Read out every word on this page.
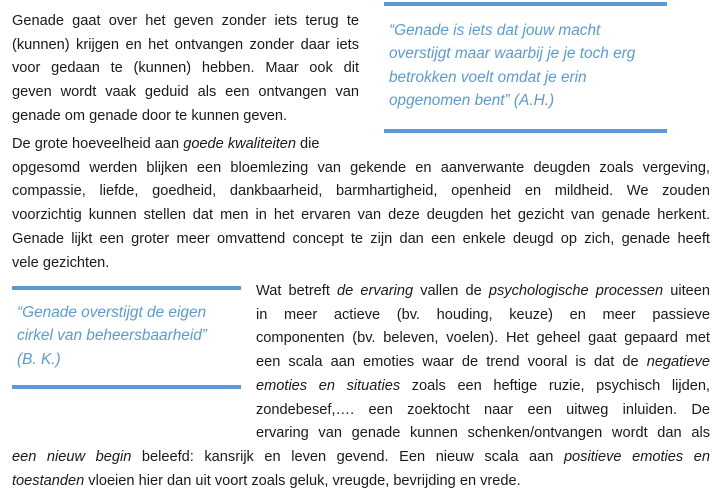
Genade gaat over het geven zonder iets terug te
(kunnen) krijgen en het ontvangen zonder daar iets
voor gedaan te (kunnen) hebben. Maar ook dit
geven wordt vaak geduid als een ontvangen van
genade om genade door te kunnen geven.
“Genade is iets dat jouw macht
overstijgt maar waarbij je je toch erg
betrokken voelt omdat je erin
opgenomen bent” (A.H.)
De grote hoeveelheid aan goede kwaliteiten die
opgesomd werden blijken een bloemlezing van gekende en aanverwante deugden zoals vergeving,
compassie, liefde, goedheid, dankbaarheid, barmhartigheid, openheid en mildheid. We zouden
voorzichtig kunnen stellen dat men in het ervaren van deze deugden het gezicht van genade herkent.
Genade lijkt een groter meer omvattend concept te zijn dan een enkele deugd op zich, genade heeft
vele gezichten.
“Genade overstijgt de eigen
cirkel van beheersbaarheid”
(B. K.)
Wat betreft de ervaring vallen de psychologische processen uiteen
in meer actieve (bv. houding, keuze) en meer passieve
componenten (bv. beleven, voelen). Het geheel gaat gepaard met
een scala aan emoties waar de trend vooral is dat de negatieve
emoties en situaties zoals een heftige ruzie, psychisch lijden,
zondebesef,…. een zoektocht naar een uitweg inluiden. De
ervaring van genade kunnen schenken/ontvangen wordt dan als
een nieuw begin beleefd: kansrijk en leven gevend. Een nieuw scala aan positieve emoties en
toestanden vloeien hier dan uit voort zoals geluk, vreugde, bevrijding en vrede.
